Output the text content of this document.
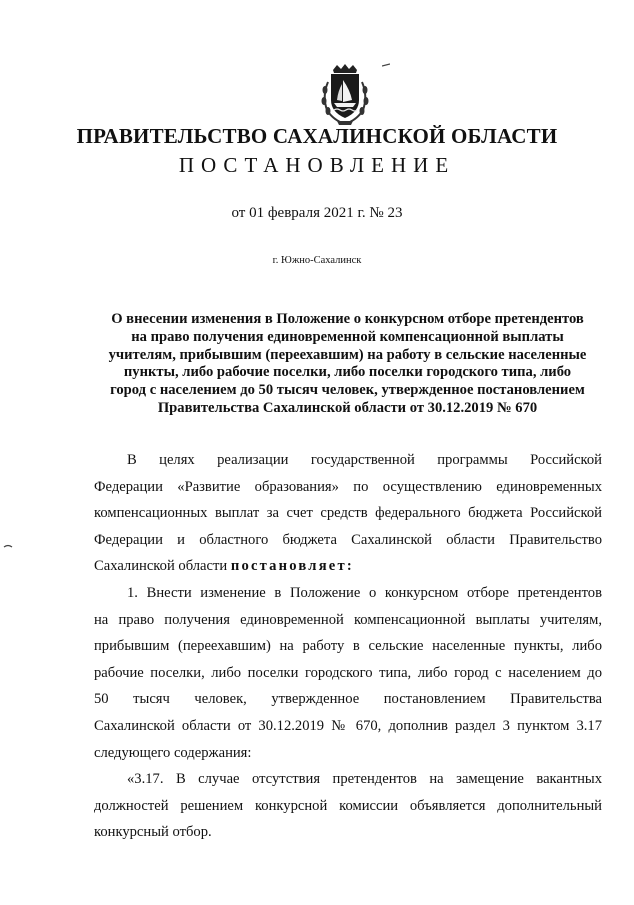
ПРАВИТЕЛЬСТВО САХАЛИНСКОЙ ОБЛАСТИ
ПОСТАНОВЛЕНИЕ
от 01 февраля 2021 г. № 23
г. Южно-Сахалинск
О внесении изменения в Положение о конкурсном отборе претендентов
на право получения единовременной компенсационной выплаты
учителям, прибывшим (переехавшим) на работу в сельские населенные
пункты, либо рабочие поселки, либо поселки городского типа, либо
город с населением до 50 тысяч человек, утвержденное постановлением
Правительства Сахалинской области от 30.12.2019 № 670
В целях реализации государственной программы Российской
Федерации «Развитие образования» по осуществлению единовременных
компенсационных выплат за счет средств федерального бюджета Российской
Федерации и областного бюджета Сахалинской области Правительство
Сахалинской области постановляет:
1. Внести изменение в Положение о конкурсном отборе претендентов
на право получения единовременной компенсационной выплаты учителям,
прибывшим (переехавшим) на работу в сельские населенные пункты, либо
рабочие поселки, либо поселки городского типа, либо город с населением до
50 тысяч человек, утвержденное постановлением Правительства
Сахалинской области от 30.12.2019 № 670, дополнив раздел 3 пунктом 3.17
следующего содержания:
«3.17. В случае отсутствия претендентов на замещение вакантных
должностей решением конкурсной комиссии объявляется дополнительный
конкурсный отбор.
